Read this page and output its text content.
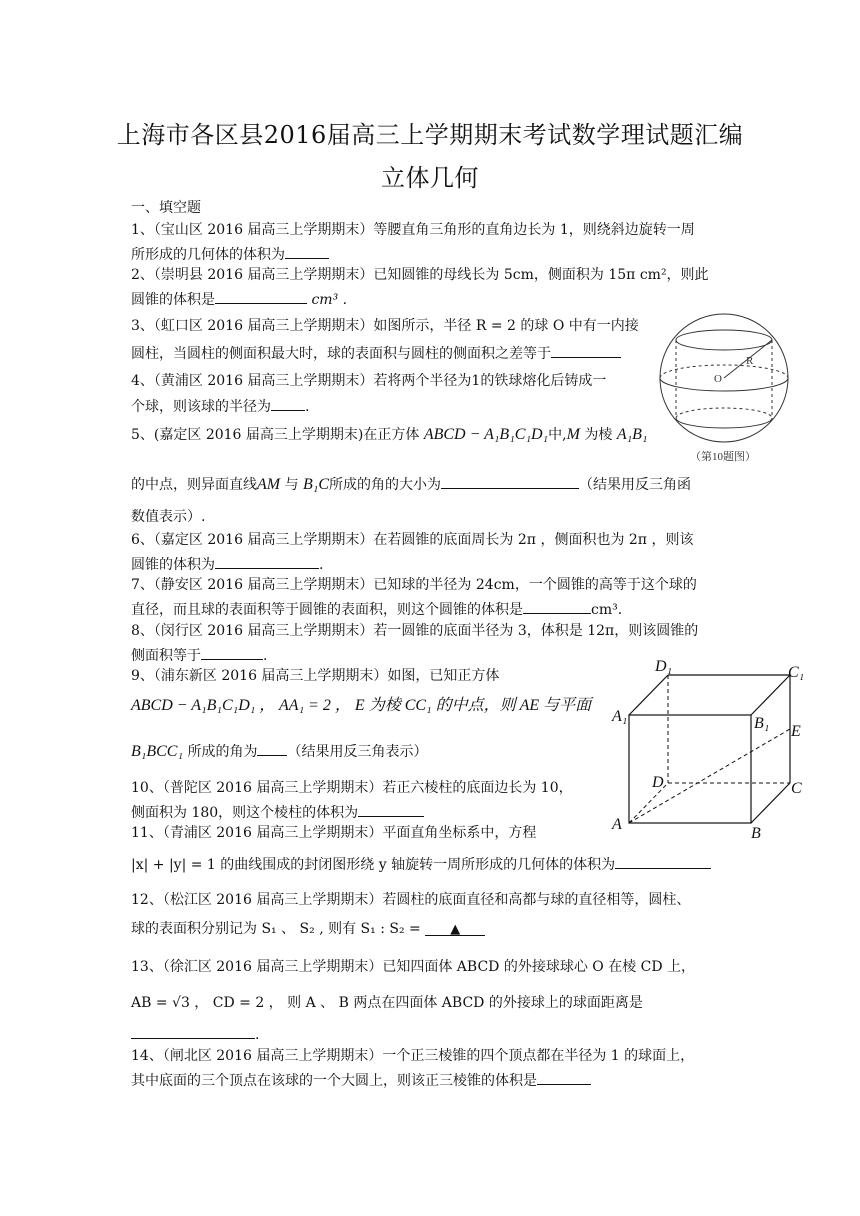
上海市各区县2016届高三上学期期末考试数学理试题汇编
立体几何
一、填空题
1、（宝山区 2016 届高三上学期期末）等腰直角三角形的直角边长为 1，则绕斜边旋转一周
所形成的几何体的体积为
2、（崇明县 2016 届高三上学期期末）已知圆锥的母线长为 5cm，侧面积为 15π cm²，则此
圆锥的体积是	cm³ .
3、（虹口区 2016 届高三上学期期末）如图所示，半径 R = 2 的球 O 中有一内接
圆柱，当圆柱的侧面积最大时，球的表面积与圆柱的侧面积之差等于
4、（黄浦区 2016 届高三上学期期末）若将两个半径为1的铁球熔化后铸成一
个球，则该球的半径为 .
5、(嘉定区 2016 届高三上学期期末)在正方体 ABCD − A₁B₁C₁D₁中,M 为棱 A₁B₁
的中点，则异面直线AM 与 B₁C所成的角的大小为	（结果用反三角函
数值表示）.
6、（嘉定区 2016 届高三上学期期末）在若圆锥的底面周长为 2π ，侧面积也为 2π ，则该
圆锥的体积为	.
7、（静安区 2016 届高三上学期期末）已知球的半径为 24cm，一个圆锥的高等于这个球的
直径，而且球的表面积等于圆锥的表面积，则这个圆锥的体积是	cm³.
8、（闵行区 2016 届高三上学期期末）若一圆锥的底面半径为 3，体积是 12π，则该圆锥的
侧面积等于	.
9、（浦东新区 2016 届高三上学期期末）如图，已知正方体
ABCD − A₁B₁C₁D₁ ， AA₁ = 2 ， E 为棱 CC₁ 的中点，则 AE 与平面
B₁BCC₁ 所成的角为 （结果用反三角表示）
10、（普陀区 2016 届高三上学期期末）若正六棱柱的底面边长为 10，
侧面积为 180，则这个棱柱的体积为
11、（青浦区 2016 届高三上学期期末）平面直角坐标系中，方程
|x| + |y| = 1 的曲线围成的封闭图形绕 y 轴旋转一周所形成的几何体的体积为
12、（松江区 2016 届高三上学期期末）若圆柱的底面直径和高都与球的直径相等，圆柱、
球的表面积分别记为 S₁ 、 S₂ , 则有 S₁ : S₂ = ▲
13、（徐汇区 2016 届高三上学期期末）已知四面体 ABCD 的外接球球心 O 在棱 CD 上，
AB = √3 ， CD = 2 ， 则 A 、 B 两点在四面体 ABCD 的外接球上的球面距离是
.
14、（闸北区 2016 届高三上学期期末）一个正三棱锥的四个顶点都在半径为 1 的球面上，
其中底面的三个顶点在该球的一个大圆上，则该正三棱锥的体积是
R
O
（第10题图）
D₁	C₁
A₁	B₁ E
D	C
A
B
